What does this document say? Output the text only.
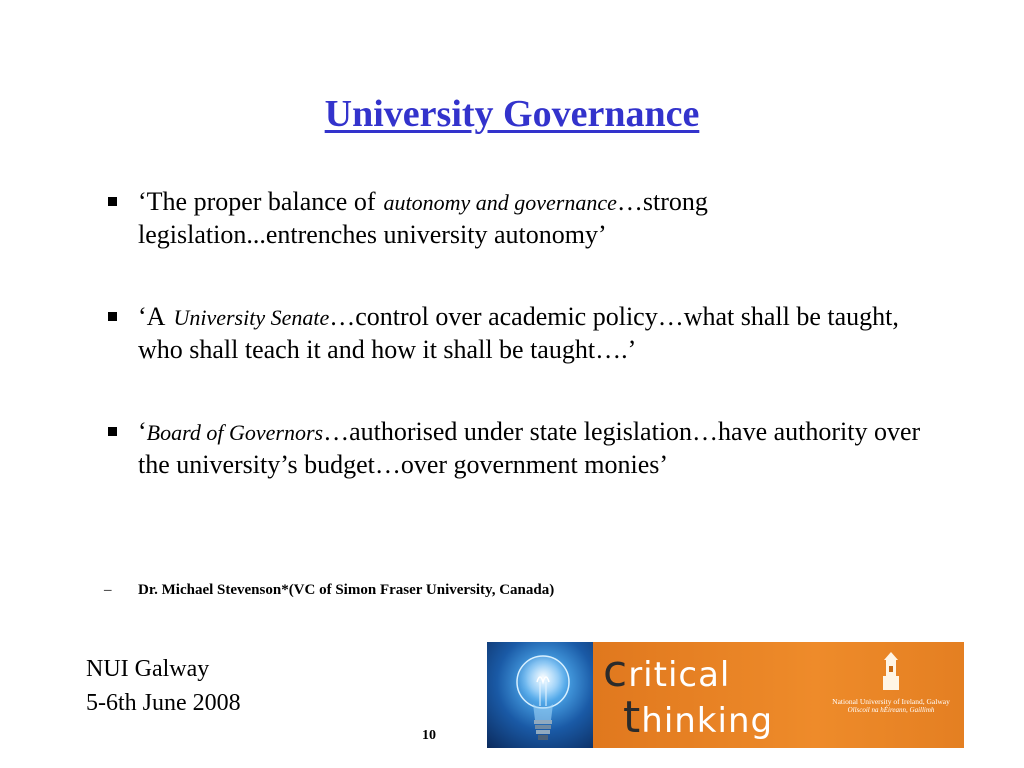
University Governance
‘The proper balance of autonomy and governance…strong legislation...entrenches university autonomy’
‘A University Senate…control over academic policy…what shall be taught, who shall teach it and how it shall be taught….’
‘Board of Governors…authorised under state legislation…have authority over the university’s budget…over government monies’
– Dr. Michael Stevenson*(VC of Simon Fraser University, Canada)
NUI Galway
5-6th June 2008
10
critical
thinking	National University of Ireland, Galway
Ollscoil na hÉireann, Gaillimh
